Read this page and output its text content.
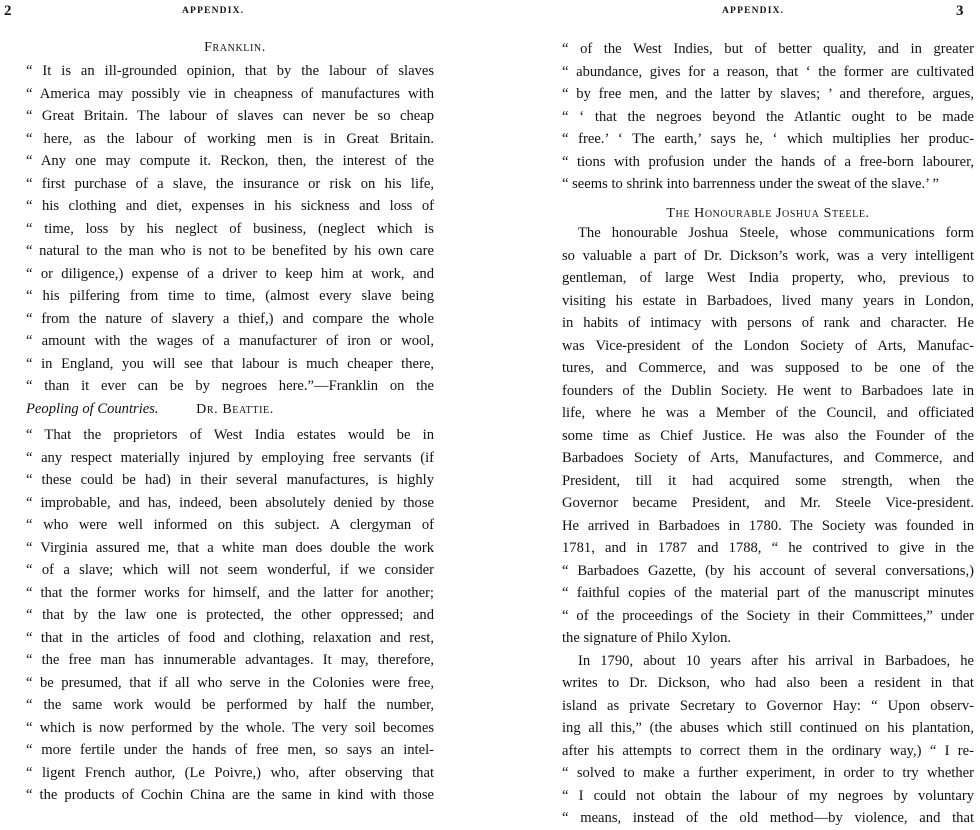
2	APPENDIX.
Franklin.
“ It is an ill-grounded opinion, that by the labour of slaves
“ America may possibly vie in cheapness of manufactures with
“ Great Britain. The labour of slaves can never be so cheap
“ here, as the labour of working men is in Great Britain.
“ Any one may compute it. Reckon, then, the interest of the
“ first purchase of a slave, the insurance or risk on his life,
“ his clothing and diet, expenses in his sickness and loss of
“ time, loss by his neglect of business, (neglect which is
“ natural to the man who is not to be benefited by his own care
“ or diligence,) expense of a driver to keep him at work, and
“ his pilfering from time to time, (almost every slave being
“ from the nature of slavery a thief,) and compare the whole
“ amount with the wages of a manufacturer of iron or wool,
“ in England, you will see that labour is much cheaper there,
“ than it ever can be by negroes here.”—Franklin on the
Peopling of Countries.	Dr. Beattie.
“ That the proprietors of West India estates would be in
“ any respect materially injured by employing free servants (if
“ these could be had) in their several manufactures, is highly
“ improbable, and has, indeed, been absolutely denied by those
“ who were well informed on this subject. A clergyman of
“ Virginia assured me, that a white man does double the work
“ of a slave; which will not seem wonderful, if we consider
“ that the former works for himself, and the latter for another;
“ that by the law one is protected, the other oppressed; and
“ that in the articles of food and clothing, relaxation and rest,
“ the free man has innumerable advantages. It may, therefore,
“ be presumed, that if all who serve in the Colonies were free,
“ the same work would be performed by half the number,
“ which is now performed by the whole. The very soil becomes
“ more fertile under the hands of free men, so says an intel-
“ ligent French author, (Le Poivre,) who, after observing that
“ the products of Cochin China are the same in kind with those
APPENDIX.	3
“ of the West Indies, but of better quality, and in greater
“ abundance, gives for a reason, that ‘ the former are cultivated
“ by free men, and the latter by slaves; ’ and therefore, argues,
“ ‘ that the negroes beyond the Atlantic ought to be made
“ free.’ ‘ The earth,’ says he, ‘ which multiplies her produc-
“ tions with profusion under the hands of a free-born labourer,
“ seems to shrink into barrenness under the sweat of the slave.’ ”
The Honourable Joshua Steele.
The honourable Joshua Steele, whose communications form
so valuable a part of Dr. Dickson’s work, was a very intelligent
gentleman, of large West India property, who, previous to
visiting his estate in Barbadoes, lived many years in London,
in habits of intimacy with persons of rank and character. He
was Vice-president of the London Society of Arts, Manufac-
tures, and Commerce, and was supposed to be one of the
founders of the Dublin Society. He went to Barbadoes late in
life, where he was a Member of the Council, and officiated
some time as Chief Justice. He was also the Founder of the
Barbadoes Society of Arts, Manufactures, and Commerce, and
President, till it had acquired some strength, when the
Governor became President, and Mr. Steele Vice-president.
He arrived in Barbadoes in 1780. The Society was founded in
1781, and in 1787 and 1788, “ he contrived to give in the
“ Barbadoes Gazette, (by his account of several conversations,)
“ faithful copies of the material part of the manuscript minutes
“ of the proceedings of the Society in their Committees,” under
the signature of Philo Xylon.
In 1790, about 10 years after his arrival in Barbadoes, he
writes to Dr. Dickson, who had also been a resident in that
island as private Secretary to Governor Hay: “ Upon observ-
ing all this,” (the abuses which still continued on his plantation,
after his attempts to correct them in the ordinary way,) “ I re-
“ solved to make a further experiment, in order to try whether
“ I could not obtain the labour of my negroes by voluntary
“ means, instead of the old method—by violence, and that
